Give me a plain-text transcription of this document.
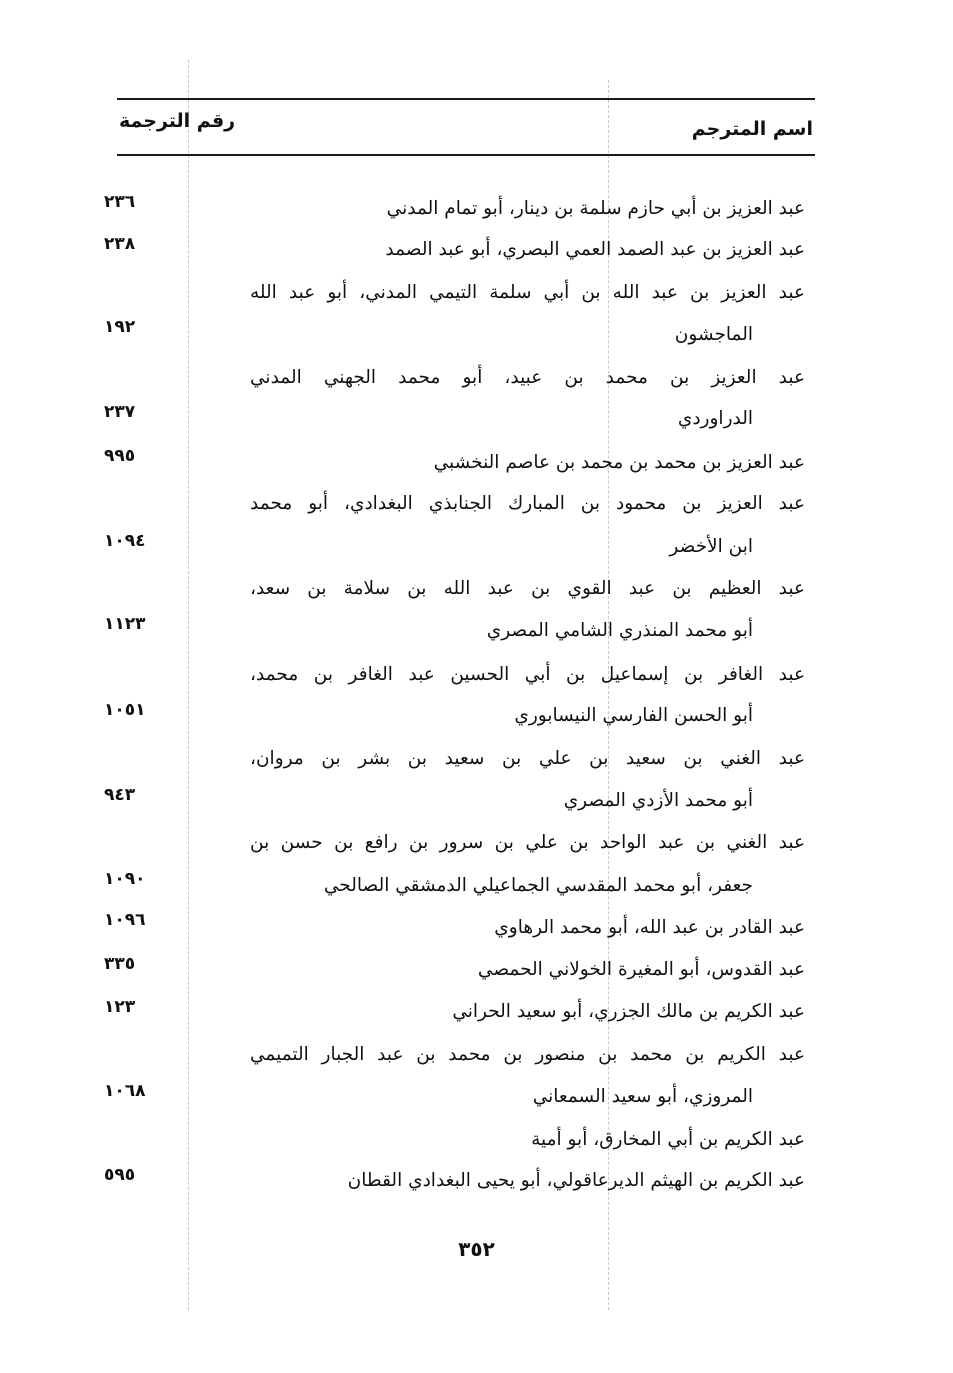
اسم المترجم
رقم الترجمة
عبد العزيز بن أبي حازم سلمة بن دينار، أبو تمام المدني
٢٣٦
عبد العزيز بن عبد الصمد العمي البصري، أبو عبد الصمد
٢٣٨
عبد العزيز بن عبد الله بن أبي سلمة التيمي المدني، أبو عبد الله
الماجشون
١٩٢
عبد العزيز بن محمد بن عبيد، أبو محمد الجهني المدني
الدراوردي
٢٣٧
عبد العزيز بن محمد بن محمد بن عاصم النخشبي
٩٩٥
عبد العزيز بن محمود بن المبارك الجنابذي البغدادي، أبو محمد
ابن الأخضر
١٠٩٤
عبد العظيم بن عبد القوي بن عبد الله بن سلامة بن سعد،
أبو محمد المنذري الشامي المصري
١١٢٣
عبد الغافر بن إسماعيل بن أبي الحسين عبد الغافر بن محمد،
أبو الحسن الفارسي النيسابوري
١٠٥١
عبد الغني بن سعيد بن علي بن سعيد بن بشر بن مروان،
أبو محمد الأزدي المصري
٩٤٣
عبد الغني بن عبد الواحد بن علي بن سرور بن رافع بن حسن بن
جعفر، أبو محمد المقدسي الجماعيلي الدمشقي الصالحي
١٠٩٠
عبد القادر بن عبد الله، أبو محمد الرهاوي
١٠٩٦
عبد القدوس، أبو المغيرة الخولاني الحمصي
٣٣٥
عبد الكريم بن مالك الجزري، أبو سعيد الحراني
١٢٣
عبد الكريم بن محمد بن منصور بن محمد بن عبد الجبار التميمي
المروزي، أبو سعيد السمعاني
١٠٦٨
عبد الكريم بن أبي المخارق، أبو أمية
عبد الكريم بن الهيثم الديرعاقولي، أبو يحيى البغدادي القطان
٥٩٥
٣٥٢
